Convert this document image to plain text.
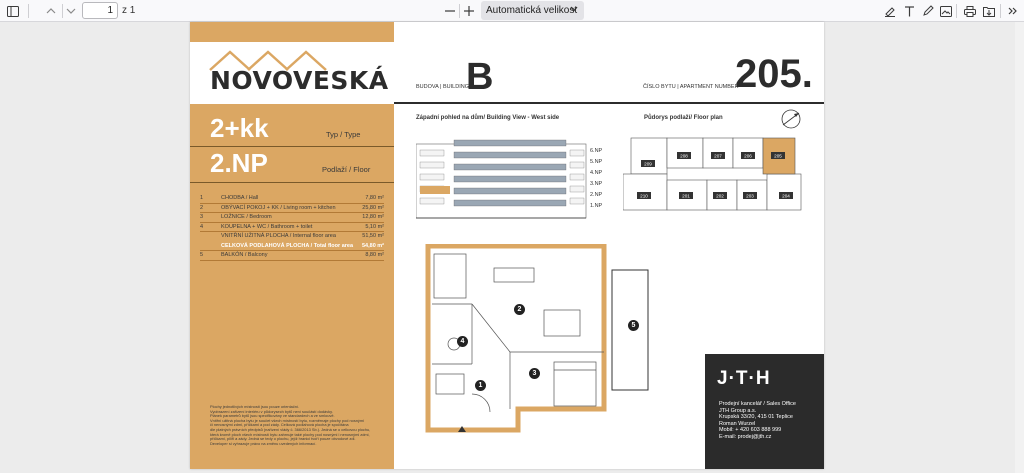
1
z 1	Automatická velikost
NOVOVESKÁ
2+kk	Typ / Type
2.NP	Podlaží / Floor
1	CHODBA / Hall	7,80 m²
2	OBÝVACÍ POKOJ + KK / Living room + kitchen	25,80 m²
3	LOŽNICE / Bedroom	12,80 m²
4	KOUPELNA + WC / Bathroom + toilet	5,10 m²
VNITŘNÍ UŽITNÁ PLOCHA / Internal floor area	51,50 m²
CELKOVÁ PODLAHOVÁ PLOCHA / Total floor area 54,80 m²
5	BALKÓN / Balcony	8,80 m²
Plochy jednotlivých místností jsou pouze orientační.
Vyobrazení zařízení interiéru v půdorysech bytů není součástí dodávky.
Plánek parametrů bytů jsou specifikovány ve standardech a ve smlouvě.
Vnitřní užitná plocha bytu je součet všech místností bytu, rozměrnaje plochy pod nosnými
či nenosnými zdmi, příčkami a pod zády. Celková podlahová plocha je spočítána
dle platných právních předpisů (nařízení vlády č. 366/2013 Sb.). Jedná se o celkovou plochu,
která kromě ploch všech místností bytu zahrnuje také plochy pod nosnými i nenosnými zdmi,
příčkami, pilíři a zády. Jedná se tedy o plochu, jejíž hranici tvoří pouze obvodové zdi.
Developer si vyhrazuje právo na změnu uvedených informací.
BUDOVA | BUILDING
B	ČÍSLO BYTU | APARTMENT NUMBER
205.
Západní pohled na dům/ Building View - West side	Půdorys podlaží/ Floor plan
6.NP
5.NP
4.NP
3.NP
2.NP
1.NP
209
208	207	206	205
210	201	202	203	204
1
2
3
4
5
J·T·H
Prodejní kancelář / Sales Office
JTH Group a.s.
Krupská 33/20, 415 01 Teplice
Roman Wurzel
Mobil: + 420 603 888 999
E-mail: prodej@jth.cz
